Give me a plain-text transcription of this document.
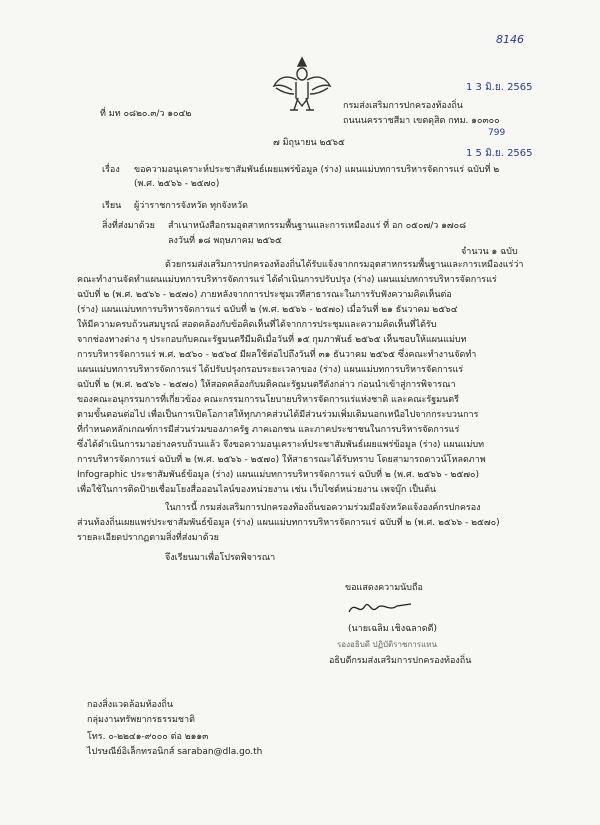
8146
1 3 มิ.ย. 2565
799
1 5 มิ.ย. 2565
ที่ มท ๐๘๒๐.๓/ว ๑๐๔๒
กรมส่งเสริมการปกครองท้องถิ่น
ถนนนครราชสีมา เขตดุสิต กทม. ๑๐๓๐๐
๗ มิถุนายน ๒๕๖๕
เรื่อง ขอความอนุเคราะห์ประชาสัมพันธ์เผยแพร่ข้อมูล (ร่าง) แผนแม่บทการบริหารจัดการแร่ ฉบับที่ ๒
(พ.ศ. ๒๕๖๖ - ๒๕๗๐)
เรียน ผู้ว่าราชการจังหวัด ทุกจังหวัด
สิ่งที่ส่งมาด้วย สำเนาหนังสือกรมอุตสาหกรรมพื้นฐานและการเหมืองแร่ ที่ อก ๐๕๐๗/ว ๑๗๐๘
ลงวันที่ ๑๘ พฤษภาคม ๒๕๖๕
จำนวน ๑ ฉบับ
ด้วยกรมส่งเสริมการปกครองท้องถิ่นได้รับแจ้งจากกรมอุตสาหกรรมพื้นฐานและการเหมืองแร่ว่า
คณะทำงานจัดทำแผนแม่บทการบริหารจัดการแร่ ได้ดำเนินการปรับปรุง (ร่าง) แผนแม่บทการบริหารจัดการแร่
ฉบับที่ ๒ (พ.ศ. ๒๕๖๖ - ๒๕๗๐) ภายหลังจากการประชุมเวทีสาธารณะในการรับฟังความคิดเห็นต่อ
(ร่าง) แผนแม่บทการบริหารจัดการแร่ ฉบับที่ ๒ (พ.ศ. ๒๕๖๖ - ๒๕๗๐) เมื่อวันที่ ๒๑ ธันวาคม ๒๕๖๔
ให้มีความครบถ้วนสมบูรณ์ สอดคล้องกับข้อคิดเห็นที่ได้จากการประชุมและความคิดเห็นที่ได้รับ
จากช่องทางต่าง ๆ ประกอบกับคณะรัฐมนตรีมีมติเมื่อวันที่ ๑๕ กุมภาพันธ์ ๒๕๖๕ เห็นชอบให้แผนแม่บท
การบริหารจัดการแร่ พ.ศ. ๒๕๖๐ - ๒๕๖๔ มีผลใช้ต่อไปถึงวันที่ ๓๑ ธันวาคม ๒๕๖๕ ซึ่งคณะทำงานจัดทำ
แผนแม่บทการบริหารจัดการแร่ ได้ปรับปรุงกรอบระยะเวลาของ (ร่าง) แผนแม่บทการบริหารจัดการแร่
ฉบับที่ ๒ (พ.ศ. ๒๕๖๖ - ๒๕๗๐) ให้สอดคล้องกับมติคณะรัฐมนตรีดังกล่าว ก่อนนำเข้าสู่การพิจารณา
ของคณะอนุกรรมการที่เกี่ยวข้อง คณะกรรมการนโยบายบริหารจัดการแร่แห่งชาติ และคณะรัฐมนตรี
ตามขั้นตอนต่อไป เพื่อเป็นการเปิดโอกาสให้ทุกภาคส่วนได้มีส่วนร่วมเพิ่มเติมนอกเหนือไปจากกระบวนการ
ที่กำหนดหลักเกณฑ์การมีส่วนร่วมของภาครัฐ ภาคเอกชน และภาคประชาชนในการบริหารจัดการแร่
ซึ่งได้ดำเนินการมาอย่างครบถ้วนแล้ว จึงขอความอนุเคราะห์ประชาสัมพันธ์เผยแพร่ข้อมูล (ร่าง) แผนแม่บท
การบริหารจัดการแร่ ฉบับที่ ๒ (พ.ศ. ๒๕๖๖ - ๒๕๗๐) ให้สาธารณะได้รับทราบ โดยสามารถดาวน์โหลดภาพ
Infographic ประชาสัมพันธ์ข้อมูล (ร่าง) แผนแม่บทการบริหารจัดการแร่ ฉบับที่ ๒ (พ.ศ. ๒๕๖๖ - ๒๕๗๐)
เพื่อใช้ในการติดป้ายเชื่อมโยงสื่อออนไลน์ของหน่วยงาน เช่น เว็บไซต์หน่วยงาน เพจบุ๊ก เป็นต้น
ในการนี้ กรมส่งเสริมการปกครองท้องถิ่นขอความร่วมมือจังหวัดแจ้งองค์กรปกครอง
ส่วนท้องถิ่นเผยแพร่ประชาสัมพันธ์ข้อมูล (ร่าง) แผนแม่บทการบริหารจัดการแร่ ฉบับที่ ๒ (พ.ศ. ๒๕๖๖ - ๒๕๗๐)
รายละเอียดปรากฏตามสิ่งที่ส่งมาด้วย
จึงเรียนมาเพื่อโปรดพิจารณา
ขอแสดงความนับถือ
(นายเฉลิม เชิงฉลาดดี)
รองอธิบดี ปฏิบัติราชการแทน
อธิบดีกรมส่งเสริมการปกครองท้องถิ่น
กองสิ่งแวดล้อมท้องถิ่น
กลุ่มงานทรัพยากรธรรมชาติ
โทร. ๐-๒๒๔๑-๙๐๐๐ ต่อ ๒๑๑๓
ไปรษณีย์อิเล็กทรอนิกส์ saraban@dla.go.th
